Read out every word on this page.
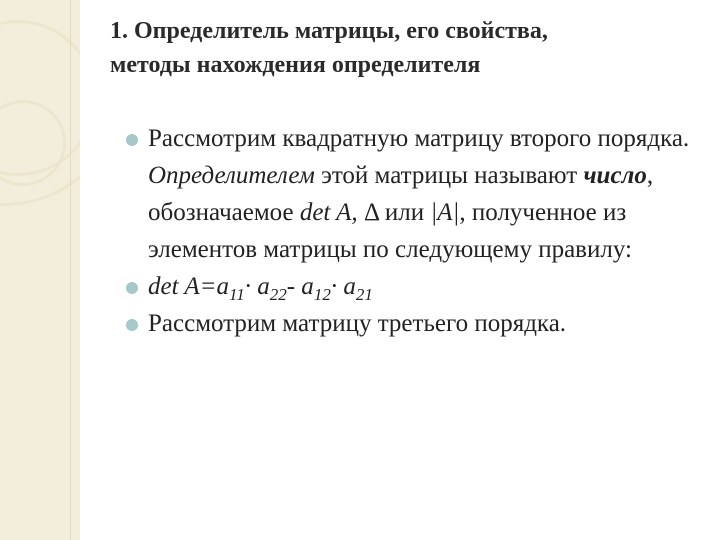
1. Определитель матрицы, его свойства,
методы нахождения определителя
Рассмотрим квадратную матрицу второго порядка. Определителем этой матрицы называют число, обозначаемое det A, Δ или |A|, полученное из элементов матрицы по следующему правилу:
$\det A=a_{11}\cdot a_{22}-$ $a_{12}\cdot a_{21}$
Рассмотрим матрицу третьего порядка.
